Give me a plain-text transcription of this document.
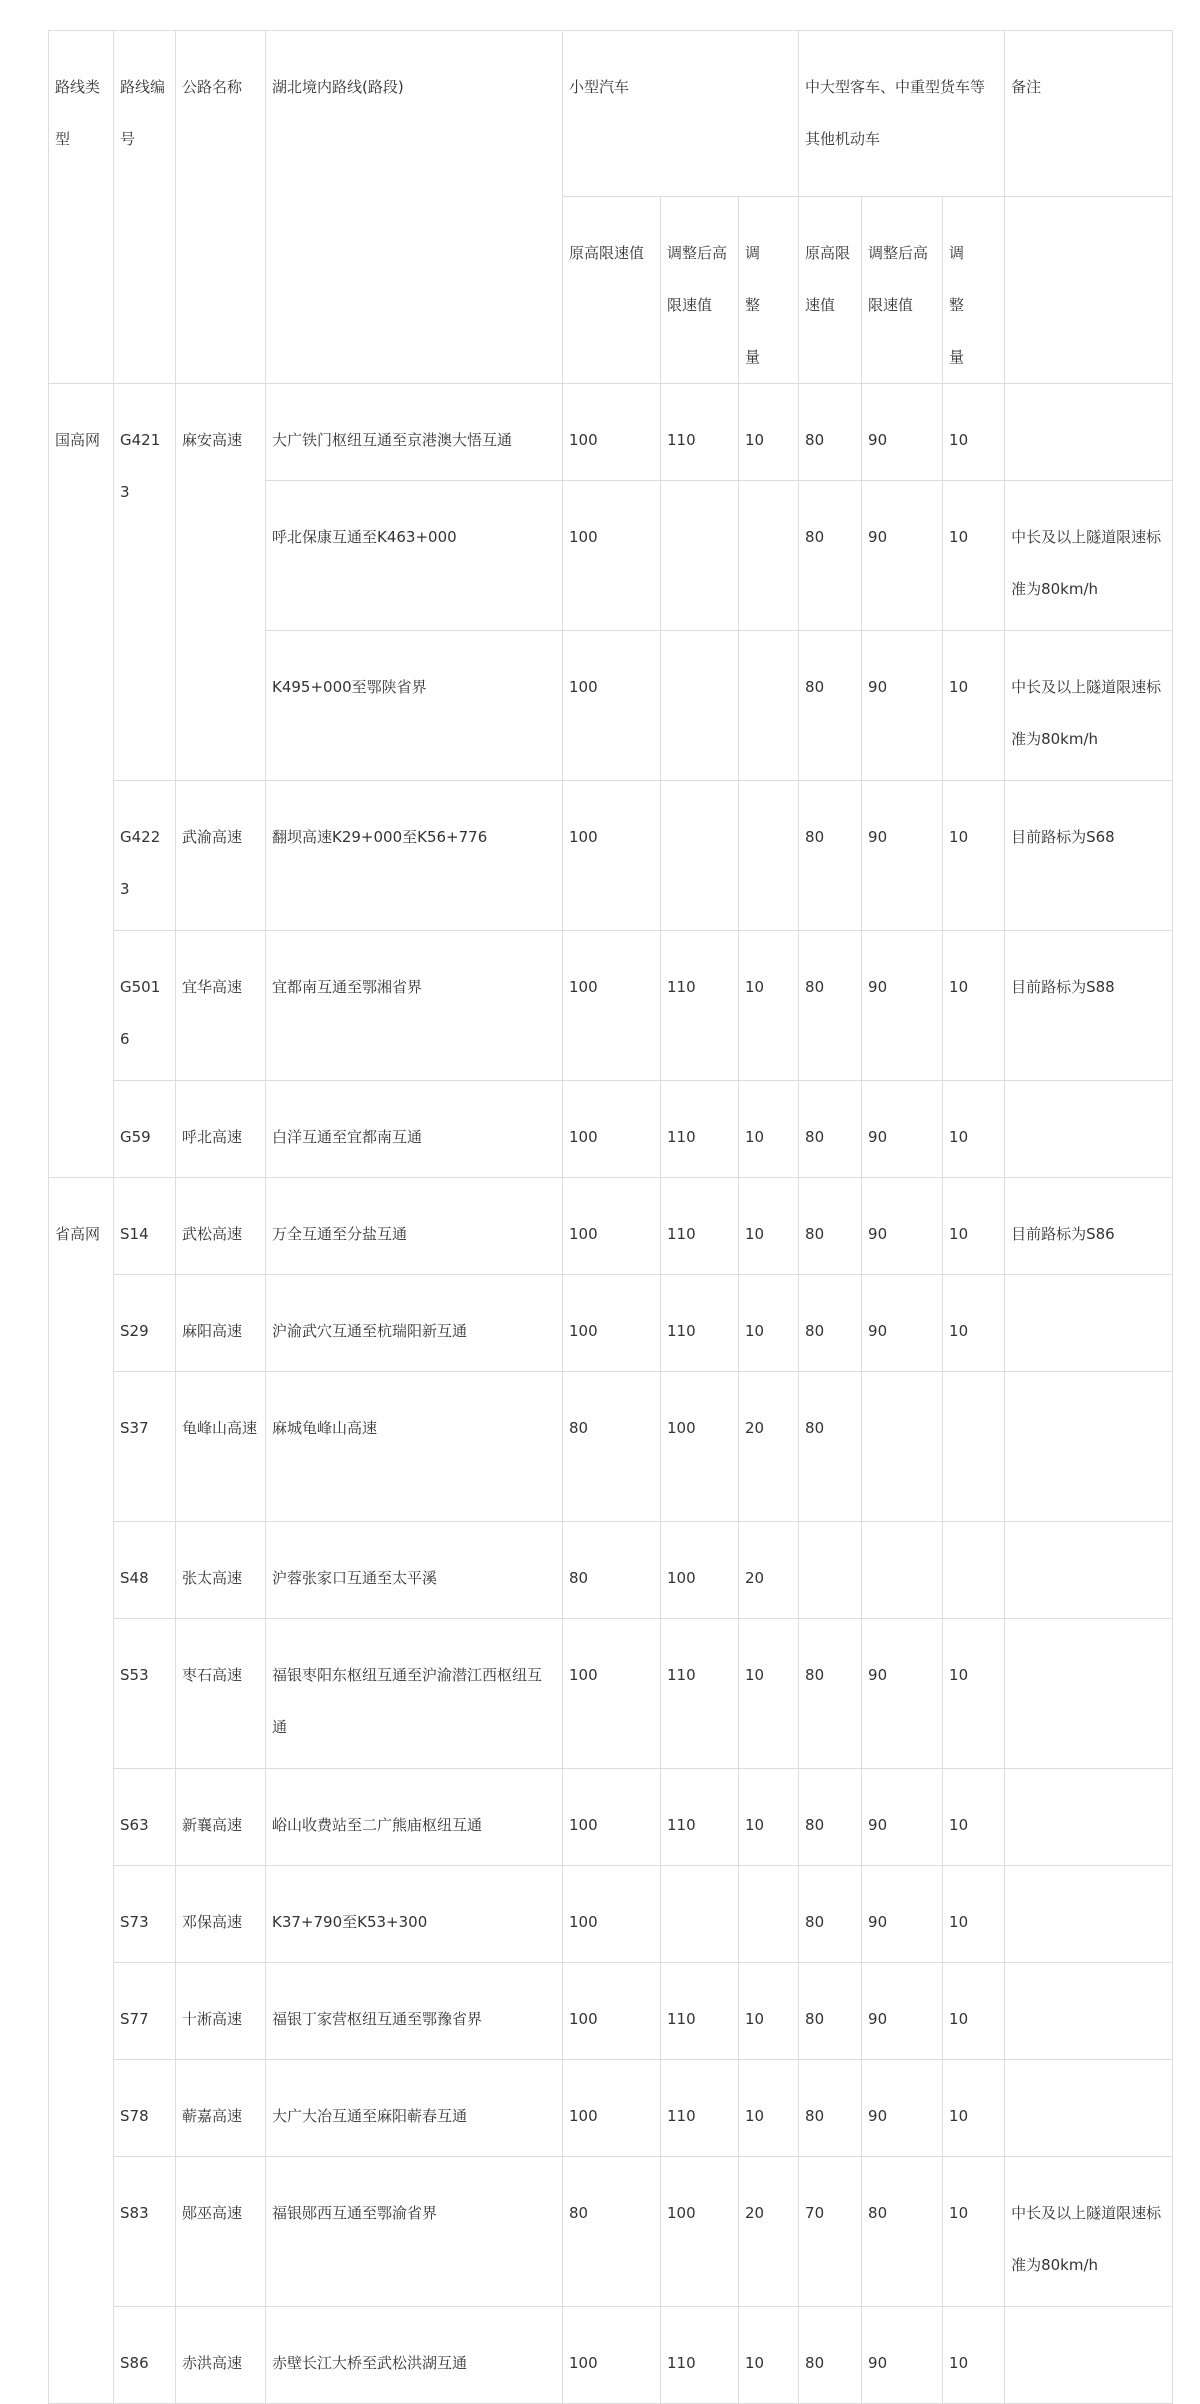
路线类型	路线编号	公路名称	湖北境内路线(路段)	小型汽车			中大型客车、中重型货车等其他机动车			备注
				原高限速值	调整后高限速值	调 整 量	原高限速值	调整后高限速值	调 整 量	
国高网	G4213	麻安高速	大广铁门枢纽互通至京港澳大悟互通	100	110	10	80	90	10	
			呼北保康互通至K463+000	100			80	90	10	中长及以上隧道限速标准为80km/h
			K495+000至鄂陕省界	100			80	90	10	中长及以上隧道限速标准为80km/h
	G4223	武渝高速	翻坝高速K29+000至K56+776	100			80	90	10	目前路标为S68
	G5016	宜华高速	宜都南互通至鄂湘省界	100	110	10	80	90	10	目前路标为S88
	G59	呼北高速	白洋互通至宜都南互通	100	110	10	80	90	10	
省高网	S14	武松高速	万全互通至分盐互通	100	110	10	80	90	10	目前路标为S86
	S29	麻阳高速	沪渝武穴互通至杭瑞阳新互通	100	110	10	80	90	10	
	S37	龟峰山高速	麻城龟峰山高速	80	100	20	80			
	S48	张太高速	沪蓉张家口互通至太平溪	80	100	20				
	S53	枣石高速	福银枣阳东枢纽互通至沪渝潜江西枢纽互通	100	110	10	80	90	10	
	S63	新襄高速	峪山收费站至二广熊庙枢纽互通	100	110	10	80	90	10	
	S73	邓保高速	K37+790至K53+300	100			80	90	10	
	S77	十淅高速	福银丁家营枢纽互通至鄂豫省界	100	110	10	80	90	10	
	S78	蕲嘉高速	大广大冶互通至麻阳蕲春互通	100	110	10	80	90	10	
	S83	郧巫高速	福银郧西互通至鄂渝省界	80	100	20	70	80	10	中长及以上隧道限速标准为80km/h
	S86	赤洪高速	赤壁长江大桥至武松洪湖互通	100	110	10	80	90	10	
